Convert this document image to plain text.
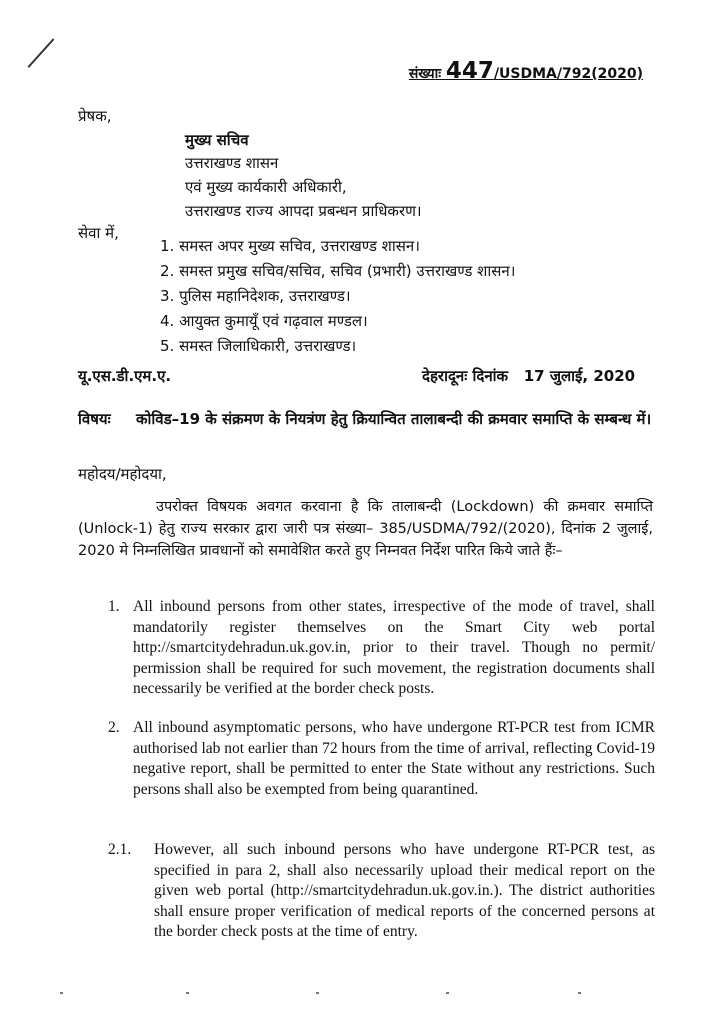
संख्याः 447/USDMA/792(2020)
प्रेषक,
मुख्य सचिव
उत्तराखण्ड शासन
एवं मुख्य कार्यकारी अधिकारी,
उत्तराखण्ड राज्य आपदा प्रबन्धन प्राधिकरण।
सेवा में,
1. समस्त अपर मुख्य सचिव, उत्तराखण्ड शासन।
2. समस्त प्रमुख सचिव/सचिव, सचिव (प्रभारी) उत्तराखण्ड शासन।
3. पुलिस महानिदेशक, उत्तराखण्ड।
4. आयुक्त कुमायूँ एवं गढ़वाल मण्डल।
5. समस्त जिलाधिकारी, उत्तराखण्ड।
यू.एस.डी.एम.ए.	देहरादूनः दिनांक 17 जुलाई, 2020
विषयः कोविड–19 के संक्रमण के नियत्रंण हेतु क्रियान्वित तालाबन्दी की क्रमवार समाप्ति के सम्बन्ध में।
महोदय/महोदया,
उपरोक्त विषयक अवगत करवाना है कि तालाबन्दी (Lockdown) की क्रमवार समाप्ति (Unlock-1) हेतु राज्य सरकार द्वारा जारी पत्र संख्या– 385/USDMA/792/(2020), दिनांक 2 जुलाई, 2020 मे निम्नलिखित प्रावधानों को समावेशित करते हुए निम्नवत निर्देश पारित किये जाते हैंः–
1. All inbound persons from other states, irrespective of the mode of travel, shall mandatorily register themselves on the Smart City web portal http://smartcitydehradun.uk.gov.in, prior to their travel. Though no permit/ permission shall be required for such movement, the registration documents shall necessarily be verified at the border check posts.
2. All inbound asymptomatic persons, who have undergone RT-PCR test from ICMR authorised lab not earlier than 72 hours from the time of arrival, reflecting Covid-19 negative report, shall be permitted to enter the State without any restrictions. Such persons shall also be exempted from being quarantined.
2.1. However, all such inbound persons who have undergone RT-PCR test, as specified in para 2, shall also necessarily upload their medical report on the given web portal (http://smartcitydehradun.uk.gov.in.). The district authorities shall ensure proper verification of medical reports of the concerned persons at the border check posts at the time of entry.
